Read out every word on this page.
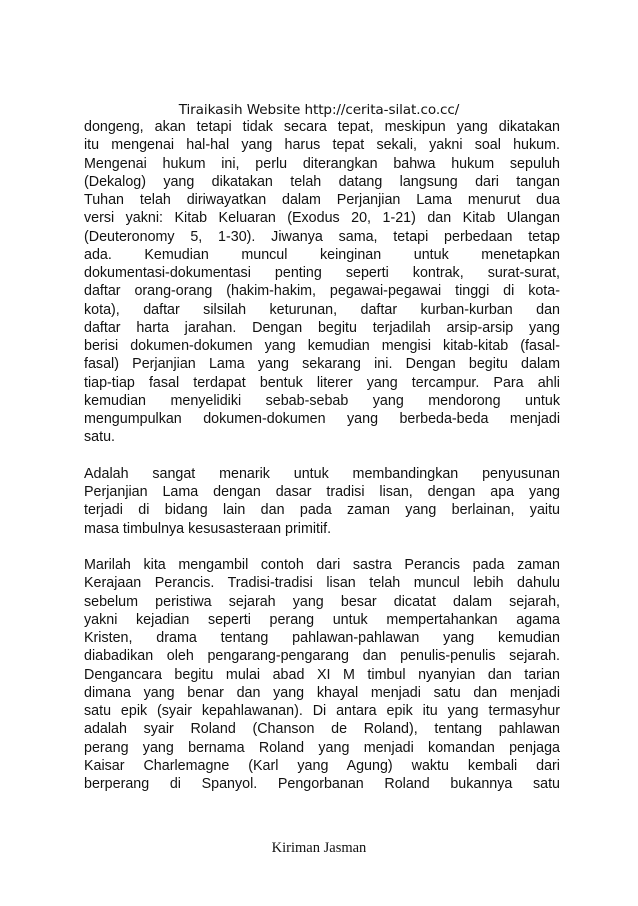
Tiraikasih Website http://cerita-silat.co.cc/
dongeng, akan tetapi tidak secara tepat, meskipun yang dikatakan
itu mengenai hal-hal yang harus tepat sekali, yakni soal hukum.
Mengenai hukum ini, perlu diterangkan bahwa hukum sepuluh
(Dekalog) yang dikatakan telah datang langsung dari tangan
Tuhan telah diriwayatkan dalam Perjanjian Lama menurut dua
versi yakni: Kitab Keluaran (Exodus 20, 1-21) dan Kitab Ulangan
(Deuteronomy 5, 1-30). Jiwanya sama, tetapi perbedaan tetap
ada. Kemudian muncul keinginan untuk menetapkan
dokumentasi-dokumentasi penting seperti kontrak, surat-surat,
daftar orang-orang (hakim-hakim, pegawai-pegawai tinggi di kota-
kota), daftar silsilah keturunan, daftar kurban-kurban dan
daftar harta jarahan. Dengan begitu terjadilah arsip-arsip yang
berisi dokumen-dokumen yang kemudian mengisi kitab-kitab (fasal-
fasal) Perjanjian Lama yang sekarang ini. Dengan begitu dalam
tiap-tiap fasal terdapat bentuk literer yang tercampur. Para ahli
kemudian menyelidiki sebab-sebab yang mendorong untuk
mengumpulkan dokumen-dokumen yang berbeda-beda menjadi
satu.
Adalah sangat menarik untuk membandingkan penyusunan
Perjanjian Lama dengan dasar tradisi lisan, dengan apa yang
terjadi di bidang lain dan pada zaman yang berlainan, yaitu
masa timbulnya kesusasteraan primitif.
Marilah kita mengambil contoh dari sastra Perancis pada zaman
Kerajaan Perancis. Tradisi-tradisi lisan telah muncul lebih dahulu
sebelum peristiwa sejarah yang besar dicatat dalam sejarah,
yakni kejadian seperti perang untuk mempertahankan agama
Kristen, drama tentang pahlawan-pahlawan yang kemudian
diabadikan oleh pengarang-pengarang dan penulis-penulis sejarah.
Dengancara begitu mulai abad XI M timbul nyanyian dan tarian
dimana yang benar dan yang khayal menjadi satu dan menjadi
satu epik (syair kepahlawanan). Di antara epik itu yang termasyhur
adalah syair Roland (Chanson de Roland), tentang pahlawan
perang yang bernama Roland yang menjadi komandan penjaga
Kaisar Charlemagne (Karl yang Agung) waktu kembali dari
berperang di Spanyol. Pengorbanan Roland bukannya satu
Kiriman Jasman
